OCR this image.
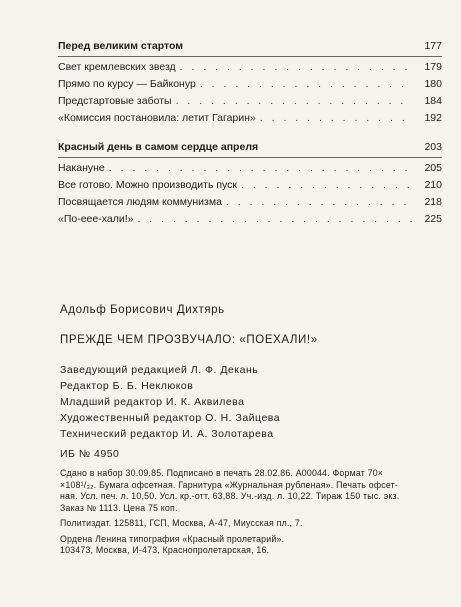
Перед великим стартом	177
Свет кремлевских звезд . . .	179
Прямо по курсу — Байконур . . .	180
Предстартовые заботы . . .	184
«Комиссия постановила: летит Гагарин» . . .	192
Красный день в самом сердце апреля	203
Накануне . . .	205
Все готово. Можно производить пуск . . .	210
Посвящается людям коммунизма . . .	218
«По-еее-хали!» . . .	225
Адольф Борисович Дихтярь
ПРЕЖДЕ ЧЕМ ПРОЗВУЧАЛО: «ПОЕХАЛИ!»
Заведующий редакцией Л. Ф. Декань
Редактор Б. Б. Неклюков
Младший редактор И. К. Аквилева
Художественный редактор О. Н. Зайцева
Технический редактор И. А. Золотарева
ИБ № 4950
Сдано в набор 30.09.85. Подписано в печать 28.02.86. А00044. Формат 70×
×108¹/₃₂. Бумага офсетная. Гарнитура «Журнальная рубленая». Печать офсет-
ная. Усл. печ. л. 10,50. Усл. кр.-отт. 63,88. Уч.-изд. л. 10,22. Тираж 150 тыс. экз.
Заказ № 1113. Цена 75 коп.
Политиздат. 125811, ГСП, Москва, А-47, Миусская пл., 7.
Ордена Ленина типография «Красный пролетарий».
103473, Москва, И-473, Краснопролетарская, 16.
